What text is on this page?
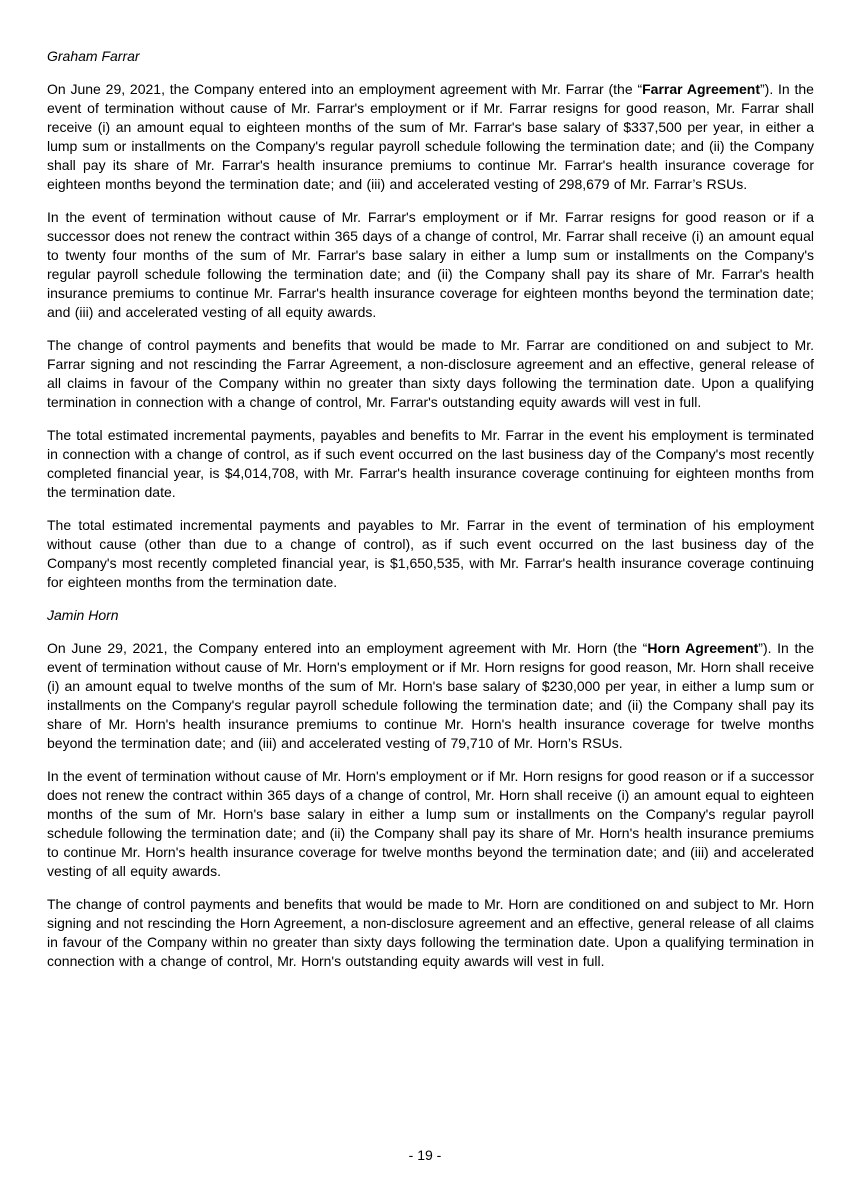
Graham Farrar

On June 29, 2021, the Company entered into an employment agreement with Mr. Farrar (the “Farrar Agreement”). In the event of termination without cause of Mr. Farrar's employment or if Mr. Farrar resigns for good reason, Mr. Farrar shall receive (i) an amount equal to eighteen months of the sum of Mr. Farrar's base salary of $337,500 per year, in either a lump sum or installments on the Company's regular payroll schedule following the termination date; and (ii) the Company shall pay its share of Mr. Farrar's health insurance premiums to continue Mr. Farrar's health insurance coverage for eighteen months beyond the termination date; and (iii) and accelerated vesting of 298,679 of Mr. Farrar’s RSUs.

In the event of termination without cause of Mr. Farrar's employment or if Mr. Farrar resigns for good reason or if a successor does not renew the contract within 365 days of a change of control, Mr. Farrar shall receive (i) an amount equal to twenty four months of the sum of Mr. Farrar's base salary in either a lump sum or installments on the Company's regular payroll schedule following the termination date; and (ii) the Company shall pay its share of Mr. Farrar's health insurance premiums to continue Mr. Farrar's health insurance coverage for eighteen months beyond the termination date; and (iii) and accelerated vesting of all equity awards.

The change of control payments and benefits that would be made to Mr. Farrar are conditioned on and subject to Mr. Farrar signing and not rescinding the Farrar Agreement, a non-disclosure agreement and an effective, general release of all claims in favour of the Company within no greater than sixty days following the termination date. Upon a qualifying termination in connection with a change of control, Mr. Farrar's outstanding equity awards will vest in full.

The total estimated incremental payments, payables and benefits to Mr. Farrar in the event his employment is terminated in connection with a change of control, as if such event occurred on the last business day of the Company's most recently completed financial year, is $4,014,708, with Mr. Farrar's health insurance coverage continuing for eighteen months from the termination date.

The total estimated incremental payments and payables to Mr. Farrar in the event of termination of his employment without cause (other than due to a change of control), as if such event occurred on the last business day of the Company's most recently completed financial year, is $1,650,535, with Mr. Farrar's health insurance coverage continuing for eighteen months from the termination date.

Jamin Horn

On June 29, 2021, the Company entered into an employment agreement with Mr. Horn (the “Horn Agreement”). In the event of termination without cause of Mr. Horn's employment or if Mr. Horn resigns for good reason, Mr. Horn shall receive (i) an amount equal to twelve months of the sum of Mr. Horn's base salary of $230,000 per year, in either a lump sum or installments on the Company's regular payroll schedule following the termination date; and (ii) the Company shall pay its share of Mr. Horn's health insurance premiums to continue Mr. Horn's health insurance coverage for twelve months beyond the termination date; and (iii) and accelerated vesting of 79,710 of Mr. Horn’s RSUs.

In the event of termination without cause of Mr. Horn's employment or if Mr. Horn resigns for good reason or if a successor does not renew the contract within 365 days of a change of control, Mr. Horn shall receive (i) an amount equal to eighteen months of the sum of Mr. Horn's base salary in either a lump sum or installments on the Company's regular payroll schedule following the termination date; and (ii) the Company shall pay its share of Mr. Horn's health insurance premiums to continue Mr. Horn's health insurance coverage for twelve months beyond the termination date; and (iii) and accelerated vesting of all equity awards.

The change of control payments and benefits that would be made to Mr. Horn are conditioned on and subject to Mr. Horn signing and not rescinding the Horn Agreement, a non-disclosure agreement and an effective, general release of all claims in favour of the Company within no greater than sixty days following the termination date. Upon a qualifying termination in connection with a change of control, Mr. Horn's outstanding equity awards will vest in full.

- 19 -
